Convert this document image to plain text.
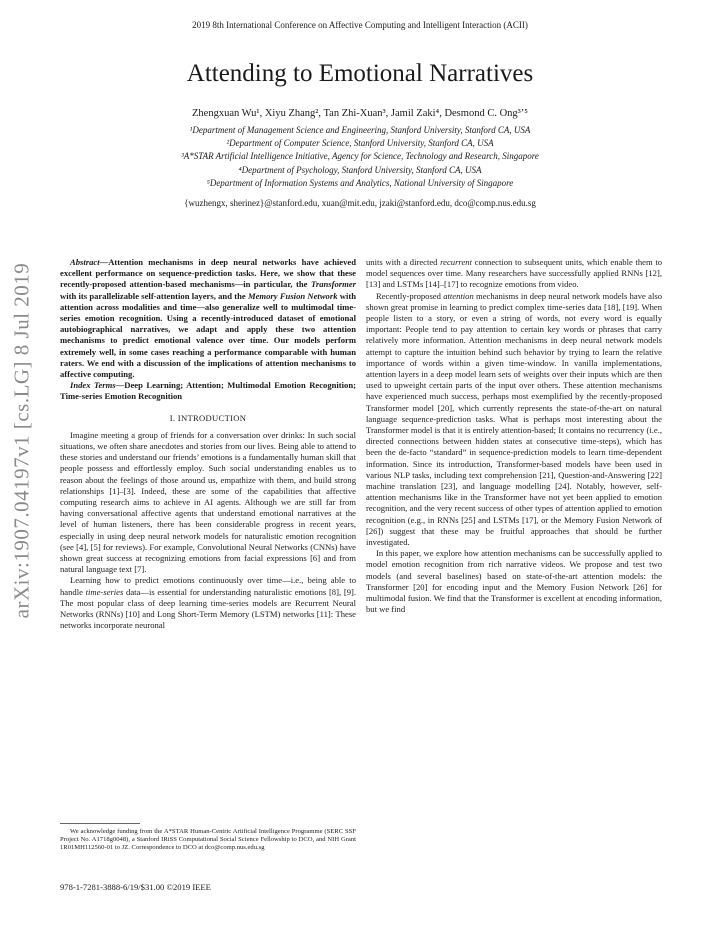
2019 8th International Conference on Affective Computing and Intelligent Interaction (ACII)
Attending to Emotional Narratives
Zhengxuan Wu¹, Xiyu Zhang², Tan Zhi-Xuan³, Jamil Zaki⁴, Desmond C. Ong³ʼ⁵
¹Department of Management Science and Engineering, Stanford University, Stanford CA, USA
²Department of Computer Science, Stanford University, Stanford CA, USA
³A*STAR Artificial Intelligence Initiative, Agency for Science, Technology and Research, Singapore
⁴Department of Psychology, Stanford University, Stanford CA, USA
⁵Department of Information Systems and Analytics, National University of Singapore
{wuzhengx, sherinez}@stanford.edu, xuan@mit.edu, jzaki@stanford.edu, dco@comp.nus.edu.sg
arXiv:1907.04197v1 [cs.LG] 8 Jul 2019

Abstract—Attention mechanisms in deep neural networks have achieved excellent performance on sequence-prediction tasks. Here, we show that these recently-proposed attention-based mechanisms—in particular, the Transformer with its parallelizable self-attention layers, and the Memory Fusion Network with attention across modalities and time—also generalize well to multimodal time-series emotion recognition. Using a recently-introduced dataset of emotional autobiographical narratives, we adapt and apply these two attention mechanisms to predict emotional valence over time. Our models perform extremely well, in some cases reaching a performance comparable with human raters. We end with a discussion of the implications of attention mechanisms to affective computing.

Index Terms—Deep Learning; Attention; Multimodal Emotion Recognition; Time-series Emotion Recognition

I. INTRODUCTION

Imagine meeting a group of friends for a conversation over drinks: In such social situations, we often share anecdotes and stories from our lives. Being able to attend to these stories and understand our friends’ emotions is a fundamentally human skill that people possess and effortlessly employ. Such social understanding enables us to reason about the feelings of those around us, empathize with them, and build strong relationships [1]–[3]. Indeed, these are some of the capabilities that affective computing research aims to achieve in AI agents. Although we are still far from having conversational affective agents that understand emotional narratives at the level of human listeners, there has been considerable progress in recent years, especially in using deep neural network models for naturalistic emotion recognition (see [4], [5] for reviews). For example, Convolutional Neural Networks (CNNs) have shown great success at recognizing emotions from facial expressions [6] and from natural language text [7].

Learning how to predict emotions continuously over time—i.e., being able to handle time-series data—is essential for understanding naturalistic emotions [8], [9]. The most popular class of deep learning time-series models are Recurrent Neural Networks (RNNs) [10] and Long Short-Term Memory (LSTM) networks [11]: These networks incorporate neuronal

units with a directed recurrent connection to subsequent units, which enable them to model sequences over time. Many researchers have successfully applied RNNs [12], [13] and LSTMs [14]–[17] to recognize emotions from video.

Recently-proposed attention mechanisms in deep neural network models have also shown great promise in learning to predict complex time-series data [18], [19]. When people listen to a story, or even a string of words, not every word is equally important: People tend to pay attention to certain key words or phrases that carry relatively more information. Attention mechanisms in deep neural network models attempt to capture the intuition behind such behavior by trying to learn the relative importance of words within a given time-window. In vanilla implementations, attention layers in a deep model learn sets of weights over their inputs which are then used to upweight certain parts of the input over others. These attention mechanisms have experienced much success, perhaps most exemplified by the recently-proposed Transformer model [20], which currently represents the state-of-the-art on natural language sequence-prediction tasks. What is perhaps most interesting about the Transformer model is that it is entirely attention-based; It contains no recurrency (i.e., directed connections between hidden states at consecutive time-steps), which has been the de-facto “standard” in sequence-prediction models to learn time-dependent information. Since its introduction, Transformer-based models have been used in various NLP tasks, including text comprehension [21], Question-and-Answering [22] machine translation [23], and language modelling [24]. Notably, however, self-attention mechanisms like in the Transformer have not yet been applied to emotion recognition, and the very recent success of other types of attention applied to emotion recognition (e.g., in RNNs [25] and LSTMs [17], or the Memory Fusion Network of [26]) suggest that these may be fruitful approaches that should be further investigated.

In this paper, we explore how attention mechanisms can be successfully applied to model emotion recognition from rich narrative videos. We propose and test two models (and several baselines) based on state-of-the-art attention models: the Transformer [20] for encoding input and the Memory Fusion Network [26] for multimodal fusion. We find that the Transformer is excellent at encoding information, but we find

We acknowledge funding from the A*STAR Human-Centric Artificial Intelligence Programme (SERC SSF Project No. A1718g0048), a Stanford IRiSS Computational Social Science Fellowship to DCO, and NIH Grant 1R01MH112560-01 to JZ. Correspondence to DCO at dco@comp.nus.edu.sg

978-1-7281-3888-6/19/$31.00 ©2019 IEEE
